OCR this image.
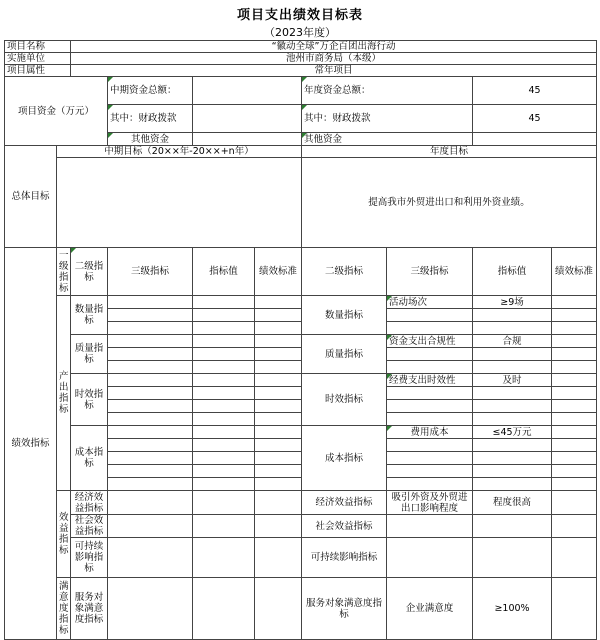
项目支出绩效目标表
（2023年度）
项目名称		“徽动全球”万企百团出海行动							
实施单位		池州市商务局（本级）							
项目属性		常年项目							
项目资金（万元）			中期资金总额：			年度资金总额：		45	
			其中：财政拨款			其中：财政拨款		45	
			其他资金			其他资金			
总体目标	中期目标（20××年-20××+n年）					年度目标			
						提高我市外贸进出口和利用外资业绩。			
绩效指标	一级指标	二级指标	三级指标	指标值	绩效标准	二级指标	三级指标	指标值	绩效标准
	产出指标	数量指标				数量指标	活动场次	≥9场	

		质量指标				质量指标	资金支出合规性	合规	

		时效指标				时效指标	经费支出时效性	及时	

		成本指标				成本指标	费用成本	≤45万元	

	效益指标	经济效益指标				经济效益指标	吸引外资及外贸进出口影响程度	程度很高	
		社会效益指标				社会效益指标			
		可持续影响指标				可持续影响指标			
	满意度指标	服务对象满意度指标				服务对象满意度指标	企业满意度	≥100%	
